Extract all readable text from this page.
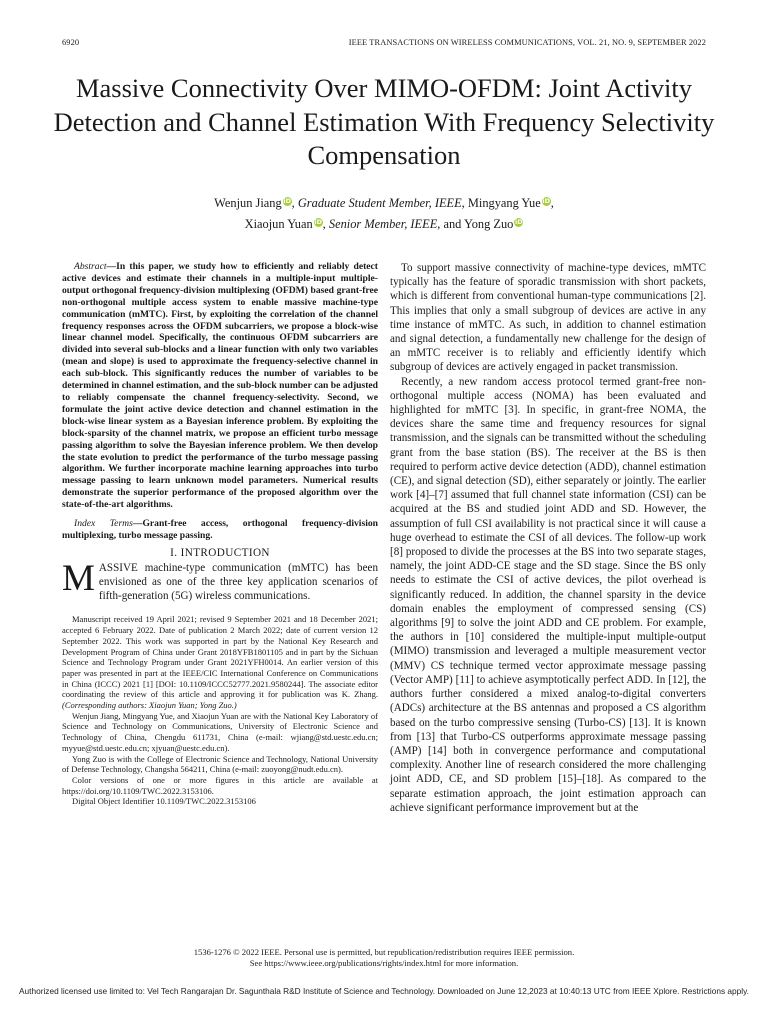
6920	IEEE TRANSACTIONS ON WIRELESS COMMUNICATIONS, VOL. 21, NO. 9, SEPTEMBER 2022
Massive Connectivity Over MIMO-OFDM: Joint Activity Detection and Channel Estimation With Frequency Selectivity Compensation
Wenjun Jiang iD, Graduate Student Member, IEEE, Mingyang Yue iD,
Xiaojun Yuan iD, Senior Member, IEEE, and Yong Zuo iD

Abstract—In this paper, we study how to efficiently and reliably detect active devices and estimate their channels in a multiple-input multiple-output orthogonal frequency-division multiplexing (OFDM) based grant-free non-orthogonal multiple access system to enable massive machine-type communication (mMTC). First, by exploiting the correlation of the channel frequency responses across the OFDM subcarriers, we propose a block-wise linear channel model. Specifically, the continuous OFDM subcarriers are divided into several sub-blocks and a linear function with only two variables (mean and slope) is used to approximate the frequency-selective channel in each sub-block. This significantly reduces the number of variables to be determined in channel estimation, and the sub-block number can be adjusted to reliably compensate the channel frequency-selectivity. Second, we formulate the joint active device detection and channel estimation in the block-wise linear system as a Bayesian inference problem. By exploiting the block-sparsity of the channel matrix, we propose an efficient turbo message passing algorithm to solve the Bayesian inference problem. We then develop the state evolution to predict the performance of the turbo message passing algorithm. We further incorporate machine learning approaches into turbo message passing to learn unknown model parameters. Numerical results demonstrate the superior performance of the proposed algorithm over the state-of-the-art algorithms.

Index Terms—Grant-free access, orthogonal frequency-division multiplexing, turbo message passing.

I. INTRODUCTION

MASSIVE machine-type communication (mMTC) has been envisioned as one of the three key application scenarios of fifth-generation (5G) wireless communications.

Manuscript received 19 April 2021; revised 9 September 2021 and 18 December 2021; accepted 6 February 2022. Date of publication 2 March 2022; date of current version 12 September 2022. This work was supported in part by the National Key Research and Development Program of China under Grant 2018YFB1801105 and in part by the Sichuan Science and Technology Program under Grant 2021YFH0014. An earlier version of this paper was presented in part at the IEEE/CIC International Conference on Communications in China (ICCC) 2021 [1] [DOI: 10.1109/ICCC52777.2021.9580244]. The associate editor coordinating the review of this article and approving it for publication was K. Zhang. (Corresponding authors: Xiaojun Yuan; Yong Zuo.)

Wenjun Jiang, Mingyang Yue, and Xiaojun Yuan are with the National Key Laboratory of Science and Technology on Communications, University of Electronic Science and Technology of China, Chengdu 611731, China (e-mail: wjiang@std.uestc.edu.cn; myyue@std.uestc.edu.cn; xjyuan@uestc.edu.cn).

Yong Zuo is with the College of Electronic Science and Technology, National University of Defense Technology, Changsha 564211, China (e-mail: zuoyong@nudt.edu.cn).

Color versions of one or more figures in this article are available at https://doi.org/10.1109/TWC.2022.3153106.

Digital Object Identifier 10.1109/TWC.2022.3153106

To support massive connectivity of machine-type devices, mMTC typically has the feature of sporadic transmission with short packets, which is different from conventional human-type communications [2]. This implies that only a small subgroup of devices are active in any time instance of mMTC. As such, in addition to channel estimation and signal detection, a fundamentally new challenge for the design of an mMTC receiver is to reliably and efficiently identify which subgroup of devices are actively engaged in packet transmission.

Recently, a new random access protocol termed grant-free non-orthogonal multiple access (NOMA) has been evaluated and highlighted for mMTC [3]. In specific, in grant-free NOMA, the devices share the same time and frequency resources for signal transmission, and the signals can be transmitted without the scheduling grant from the base station (BS). The receiver at the BS is then required to perform active device detection (ADD), channel estimation (CE), and signal detection (SD), either separately or jointly. The earlier work [4]–[7] assumed that full channel state information (CSI) can be acquired at the BS and studied joint ADD and SD. However, the assumption of full CSI availability is not practical since it will cause a huge overhead to estimate the CSI of all devices. The follow-up work [8] proposed to divide the processes at the BS into two separate stages, namely, the joint ADD-CE stage and the SD stage. Since the BS only needs to estimate the CSI of active devices, the pilot overhead is significantly reduced. In addition, the channel sparsity in the device domain enables the employment of compressed sensing (CS) algorithms [9] to solve the joint ADD and CE problem. For example, the authors in [10] considered the multiple-input multiple-output (MIMO) transmission and leveraged a multiple measurement vector (MMV) CS technique termed vector approximate message passing (Vector AMP) [11] to achieve asymptotically perfect ADD. In [12], the authors further considered a mixed analog-to-digital converters (ADCs) architecture at the BS antennas and proposed a CS algorithm based on the turbo compressive sensing (Turbo-CS) [13]. It is known from [13] that Turbo-CS outperforms approximate message passing (AMP) [14] both in convergence performance and computational complexity. Another line of research considered the more challenging joint ADD, CE, and SD problem [15]–[18]. As compared to the separate estimation approach, the joint estimation approach can achieve significant performance improvement but at the

1536-1276 © 2022 IEEE. Personal use is permitted, but republication/redistribution requires IEEE permission.
See https://www.ieee.org/publications/rights/index.html for more information.
Authorized licensed use limited to: Vel Tech Rangarajan Dr. Sagunthala R&D Institute of Science and Technology. Downloaded on June 12,2023 at 10:40:13 UTC from IEEE Xplore. Restrictions apply.
